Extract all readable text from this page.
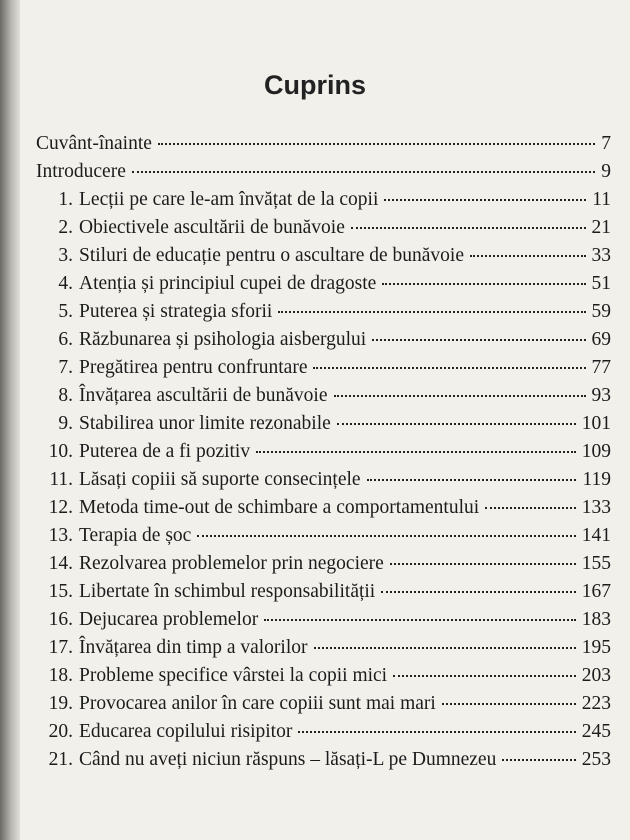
Cuprins
Cuvânt-înainte	7
Introducere	9
1. Lecții pe care le-am învățat de la copii	11
2. Obiectivele ascultării de bunăvoie	21
3. Stiluri de educație pentru o ascultare de bunăvoie	33
4. Atenția și principiul cupei de dragoste	51
5. Puterea și strategia sforii	59
6. Răzbunarea și psihologia aisbergului	69
7. Pregătirea pentru confruntare	77
8. Învățarea ascultării de bunăvoie	93
9. Stabilirea unor limite rezonabile	101
10. Puterea de a fi pozitiv	109
11. Lăsați copiii să suporte consecințele	119
12. Metoda time-out de schimbare a comportamentului	133
13. Terapia de șoc	141
14. Rezolvarea problemelor prin negociere	155
15. Libertate în schimbul responsabilității	167
16. Dejucarea problemelor	183
17. Învățarea din timp a valorilor	195
18. Probleme specifice vârstei la copii mici	203
19. Provocarea anilor în care copiii sunt mai mari	223
20. Educarea copilului risipitor	245
21. Când nu aveți niciun răspuns – lăsați-L pe Dumnezeu	253
